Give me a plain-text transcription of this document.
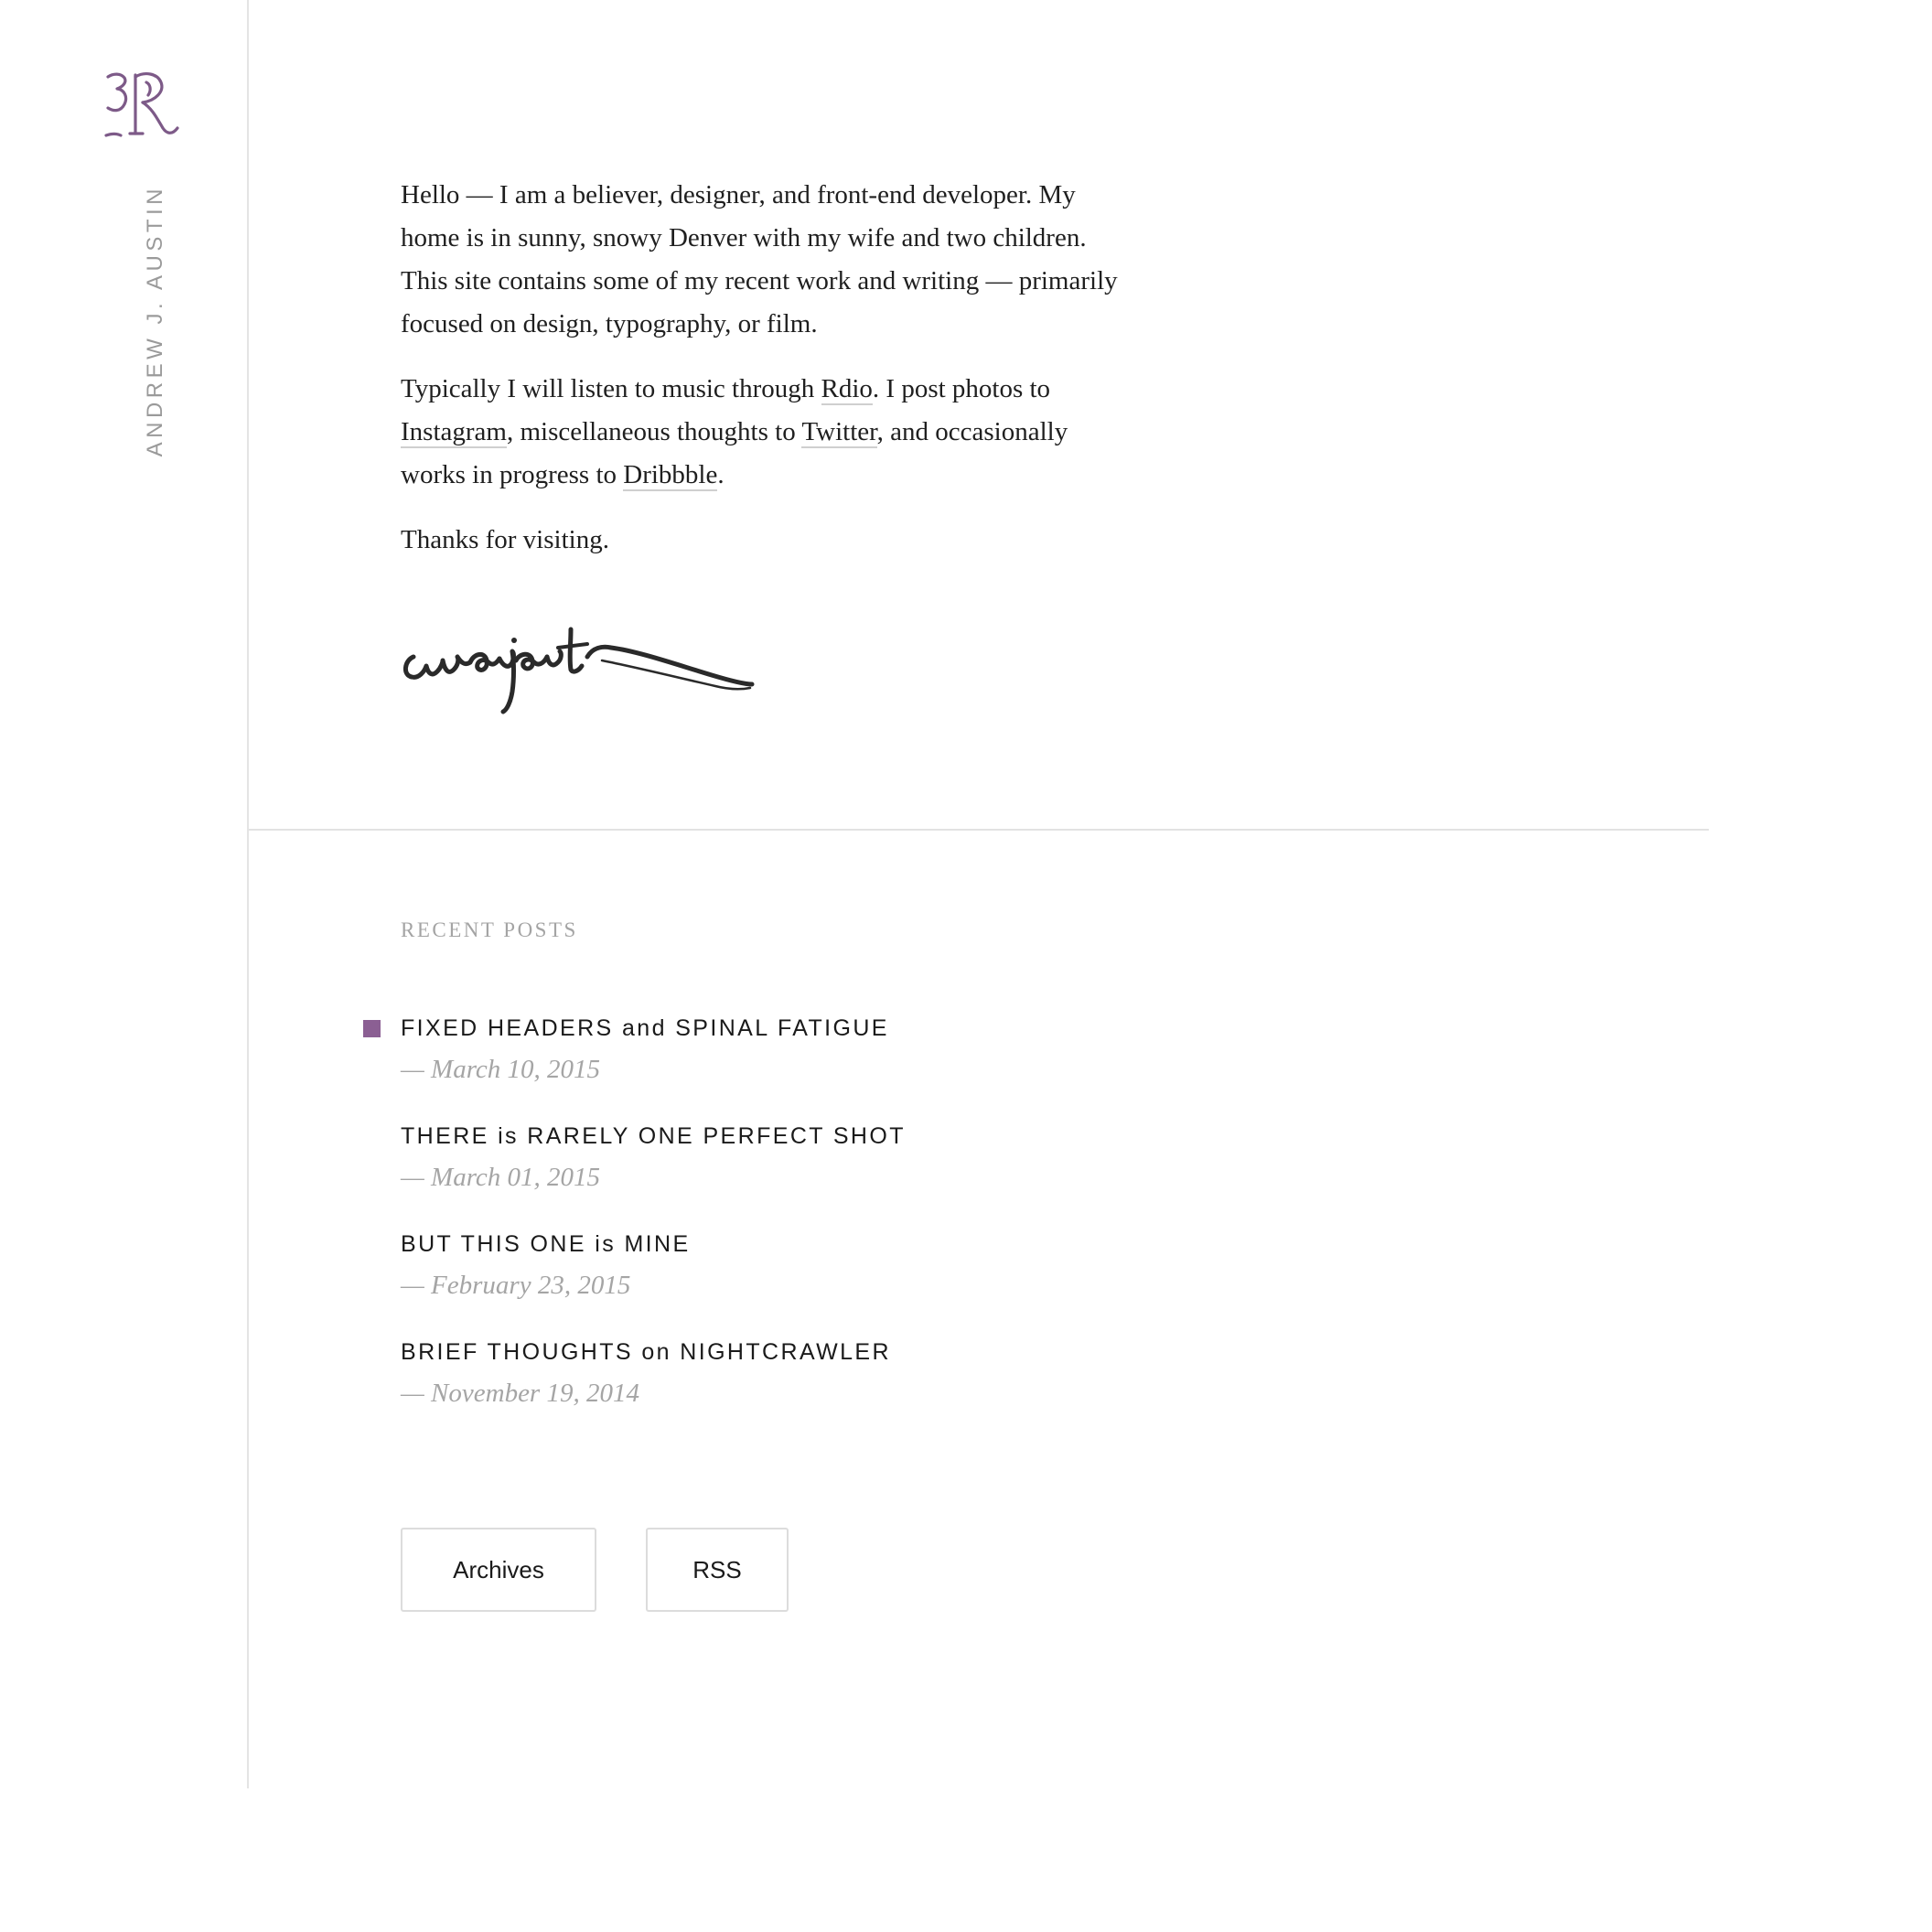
ANDREW J. AUSTIN	Hello — I am a believer, designer, and front-end developer. My home is in sunny, snowy Denver with my wife and two children. This site contains some of my recent work and writing — primarily focused on design, typography, or film.

Typically I will listen to music through Rdio. I post photos to Instagram, miscellaneous thoughts to Twitter, and occasionally works in progress to Dribbble.

Thanks for visiting.

RECENT POSTS
FIXED HEADERS and SPINAL FATIGUE
— March 10, 2015
THERE is RARELY ONE PERFECT SHOT
— March 01, 2015
BUT THIS ONE is MINE
— February 23, 2015
BRIEF THOUGHTS on NIGHTCRAWLER
— November 19, 2014
Archives	RSS
